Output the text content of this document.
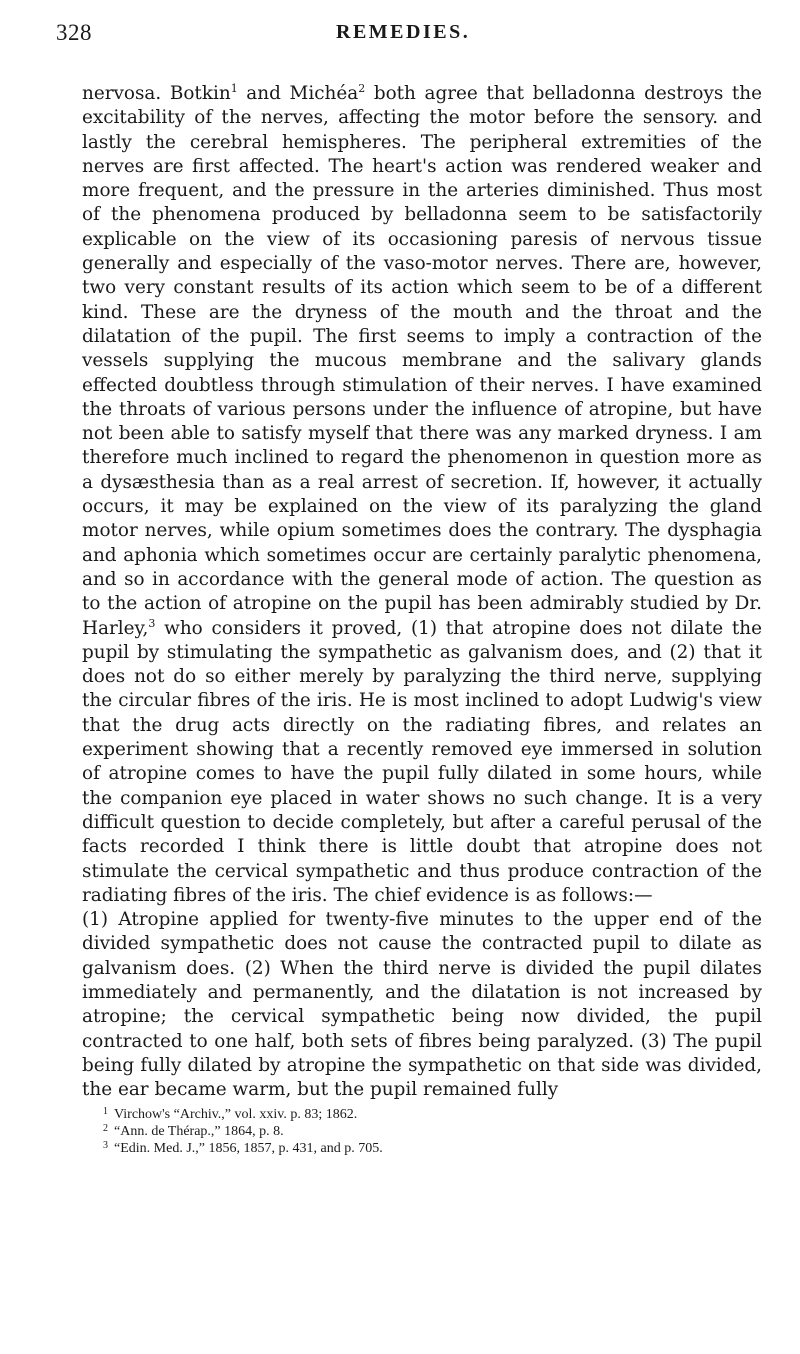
328	REMEDIES.

nervosa. Botkin$^1$ and Michéa$^2$ both agree that belladonna destroys the excitability of the nerves, affecting the motor before the sensory. and lastly the cerebral hemispheres. The peripheral extremities of the nerves are first affected. The heart's action was rendered weaker and more frequent, and the pressure in the arteries diminished. Thus most of the phenomena produced by belladonna seem to be satisfactorily explicable on the view of its occasioning paresis of nervous tissue generally and especially of the vaso-motor nerves. There are, however, two very constant results of its action which seem to be of a different kind. These are the dryness of the mouth and the throat and the dilatation of the pupil. The first seems to imply a contraction of the vessels supplying the mucous membrane and the salivary glands effected doubtless through stimulation of their nerves. I have examined the throats of various persons under the influence of atropine, but have not been able to satisfy myself that there was any marked dryness. I am therefore much inclined to regard the phenomenon in question more as a dysæsthesia than as a real arrest of secretion. If, however, it actually occurs, it may be explained on the view of its paralyzing the gland motor nerves, while opium sometimes does the contrary. The dysphagia and aphonia which sometimes occur are certainly paralytic phenomena, and so in accordance with the general mode of action. The question as to the action of atropine on the pupil has been admirably studied by Dr. Harley,$^3$ who considers it proved, (1) that atropine does not dilate the pupil by stimulating the sympathetic as galvanism does, and (2) that it does not do so either merely by paralyzing the third nerve, supplying the circular fibres of the iris. He is most inclined to adopt Ludwig's view that the drug acts directly on the radiating fibres, and relates an experiment showing that a recently removed eye immersed in solution of atropine comes to have the pupil fully dilated in some hours, while the companion eye placed in water shows no such change. It is a very difficult question to decide completely, but after a careful perusal of the facts recorded I think there is little doubt that atropine does not stimulate the cervical sympathetic and thus produce contraction of the radiating fibres of the iris. The chief evidence is as follows:—

(1) Atropine applied for twenty-five minutes to the upper end of the divided sympathetic does not cause the contracted pupil to dilate as galvanism does. (2) When the third nerve is divided the pupil dilates immediately and permanently, and the dilatation is not increased by atropine; the cervical sympathetic being now divided, the pupil contracted to one half, both sets of fibres being paralyzed. (3) The pupil being fully dilated by atropine the sympathetic on that side was divided, the ear became warm, but the pupil remained fully

1 Virchow's “Archiv.,” vol. xxiv. p. 83; 1862.
2 “Ann. de Thérap.,” 1864, p. 8.
3 “Edin. Med. J.,” 1856, 1857, p. 431, and p. 705.
